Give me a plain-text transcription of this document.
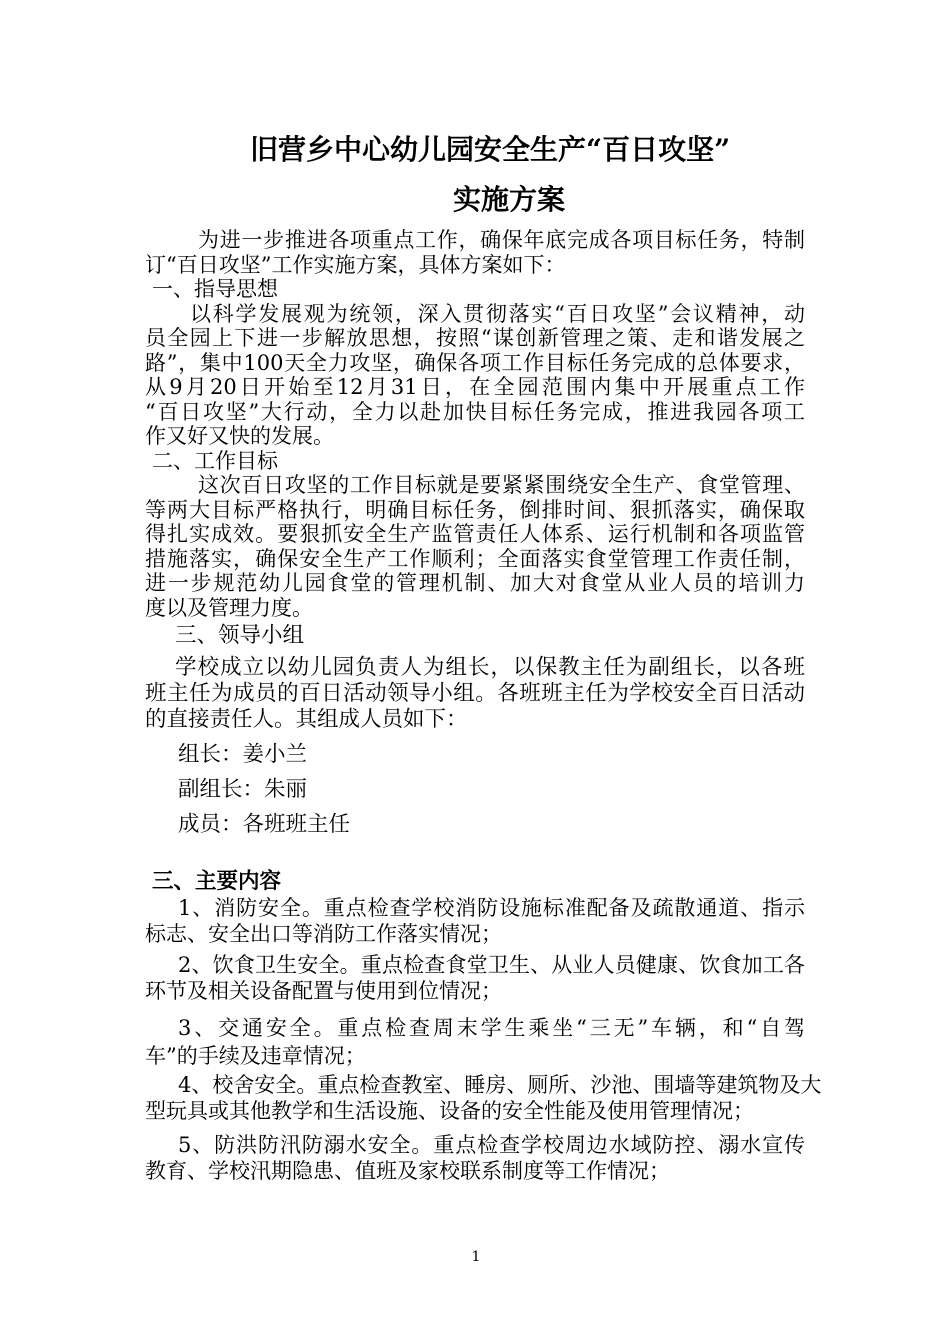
旧营乡中心幼儿园安全生产“百日攻坚”
实施方案
为进一步推进各项重点工作，确保年底完成各项目标任务，特制
订“百日攻坚”工作实施方案，具体方案如下：
一、指导思想
以科学发展观为统领，深入贯彻落实“百日攻坚”会议精神，动
员全园上下进一步解放思想，按照“谋创新管理之策、走和谐发展之
路”，集中100天全力攻坚，确保各项工作目标任务完成的总体要求，
从9月20日开始至12月31日，在全园范围内集中开展重点工作
“百日攻坚”大行动，全力以赴加快目标任务完成，推进我园各项工
作又好又快的发展。
二、工作目标
这次百日攻坚的工作目标就是要紧紧围绕安全生产、食堂管理、
等两大目标严格执行，明确目标任务，倒排时间、狠抓落实，确保取
得扎实成效。要狠抓安全生产监管责任人体系、运行机制和各项监管
措施落实，确保安全生产工作顺利；全面落实食堂管理工作责任制，
进一步规范幼儿园食堂的管理机制、加大对食堂从业人员的培训力
度以及管理力度。
三、领导小组
学校成立以幼儿园负责人为组长，以保教主任为副组长，以各班
班主任为成员的百日活动领导小组。各班班主任为学校安全百日活动
的直接责任人。其组成人员如下：
组长：姜小兰
副组长：朱丽
成员：各班班主任
三、主要内容
1、消防安全。重点检查学校消防设施标准配备及疏散通道、指示
标志、安全出口等消防工作落实情况；
2、饮食卫生安全。重点检查食堂卫生、从业人员健康、饮食加工各
环节及相关设备配置与使用到位情况；
3、交通安全。重点检查周末学生乘坐“三无”车辆，和“自驾
车”的手续及违章情况；
4、校舍安全。重点检查教室、睡房、厕所、沙池、围墙等建筑物及大
型玩具或其他教学和生活设施、设备的安全性能及使用管理情况；
5、防洪防汛防溺水安全。重点检查学校周边水域防控、溺水宣传
教育、学校汛期隐患、值班及家校联系制度等工作情况；
1
